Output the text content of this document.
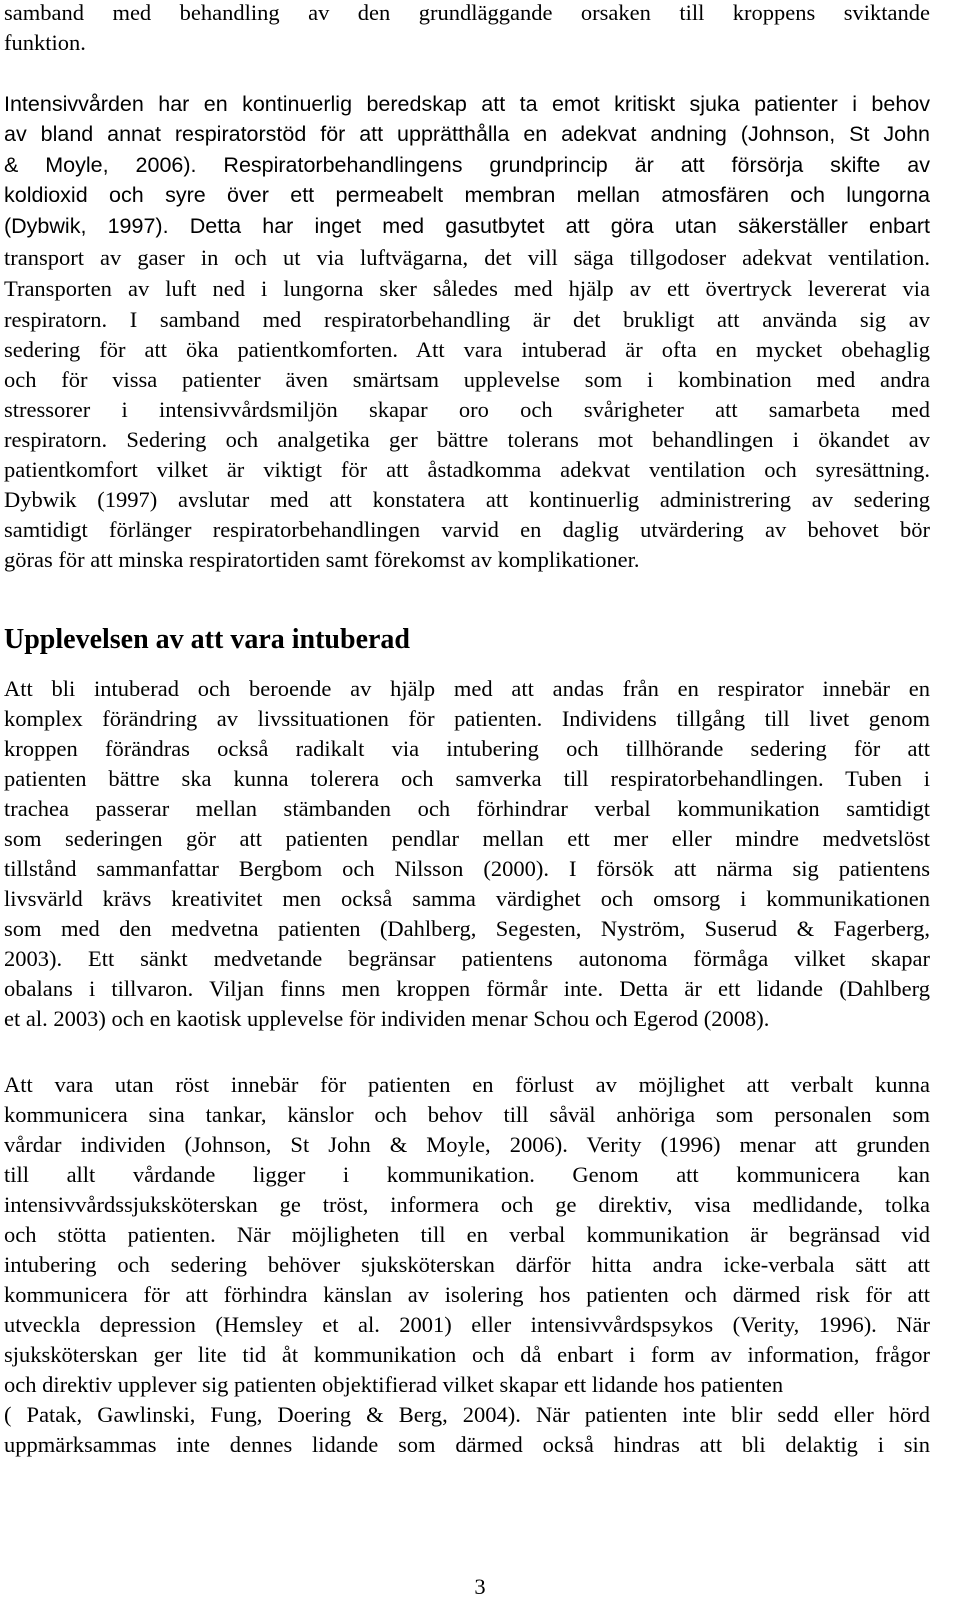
samband med behandling av den grundläggande orsaken till kroppens sviktande
funktion.
Intensivvården har en kontinuerlig beredskap att ta emot kritiskt sjuka patienter i behov
av bland annat respiratorstöd för att upprätthålla en adekvat andning (Johnson, St John
& Moyle, 2006). Respiratorbehandlingens grundprincip är att försörja skifte av
koldioxid och syre över ett permeabelt membran mellan atmosfären och lungorna
(Dybwik, 1997). Detta har inget med gasutbytet att göra utan säkerställer enbart
transport av gaser in och ut via luftvägarna, det vill säga tillgodoser adekvat ventilation.
Transporten av luft ned i lungorna sker således med hjälp av ett övertryck levererat via
respiratorn. I samband med respiratorbehandling är det brukligt att använda sig av
sedering för att öka patientkomforten. Att vara intuberad är ofta en mycket obehaglig
och för vissa patienter även smärtsam upplevelse som i kombination med andra
stressorer i intensivvårdsmiljön skapar oro och svårigheter att samarbeta med
respiratorn. Sedering och analgetika ger bättre tolerans mot behandlingen i ökandet av
patientkomfort vilket är viktigt för att åstadkomma adekvat ventilation och syresättning.
Dybwik (1997) avslutar med att konstatera att kontinuerlig administrering av sedering
samtidigt förlänger respiratorbehandlingen varvid en daglig utvärdering av behovet bör
göras för att minska respiratortiden samt förekomst av komplikationer.
Upplevelsen av att vara intuberad
Att bli intuberad och beroende av hjälp med att andas från en respirator innebär en
komplex förändring av livssituationen för patienten. Individens tillgång till livet genom
kroppen förändras också radikalt via intubering och tillhörande sedering för att
patienten bättre ska kunna tolerera och samverka till respiratorbehandlingen. Tuben i
trachea passerar mellan stämbanden och förhindrar verbal kommunikation samtidigt
som sederingen gör att patienten pendlar mellan ett mer eller mindre medvetslöst
tillstånd sammanfattar Bergbom och Nilsson (2000). I försök att närma sig patientens
livsvärld krävs kreativitet men också samma värdighet och omsorg i kommunikationen
som med den medvetna patienten (Dahlberg, Segesten, Nyström, Suserud & Fagerberg,
2003). Ett sänkt medvetande begränsar patientens autonoma förmåga vilket skapar
obalans i tillvaron. Viljan finns men kroppen förmår inte. Detta är ett lidande (Dahlberg
et al. 2003) och en kaotisk upplevelse för individen menar Schou och Egerod (2008).
Att vara utan röst innebär för patienten en förlust av möjlighet att verbalt kunna
kommunicera sina tankar, känslor och behov till såväl anhöriga som personalen som
vårdar individen (Johnson, St John & Moyle, 2006). Verity (1996) menar att grunden
till allt vårdande ligger i kommunikation. Genom att kommunicera kan
intensivvårdssjuksköterskan ge tröst, informera och ge direktiv, visa medlidande, tolka
och stötta patienten. När möjligheten till en verbal kommunikation är begränsad vid
intubering och sedering behöver sjuksköterskan därför hitta andra icke-verbala sätt att
kommunicera för att förhindra känslan av isolering hos patienten och därmed risk för att
utveckla depression (Hemsley et al. 2001) eller intensivvårdspsykos (Verity, 1996). När
sjuksköterskan ger lite tid åt kommunikation och då enbart i form av information, frågor
och direktiv upplever sig patienten objektifierad vilket skapar ett lidande hos patienten
( Patak, Gawlinski, Fung, Doering & Berg, 2004). När patienten inte blir sedd eller hörd
uppmärksammas inte dennes lidande som därmed också hindras att bli delaktig i sin
3
